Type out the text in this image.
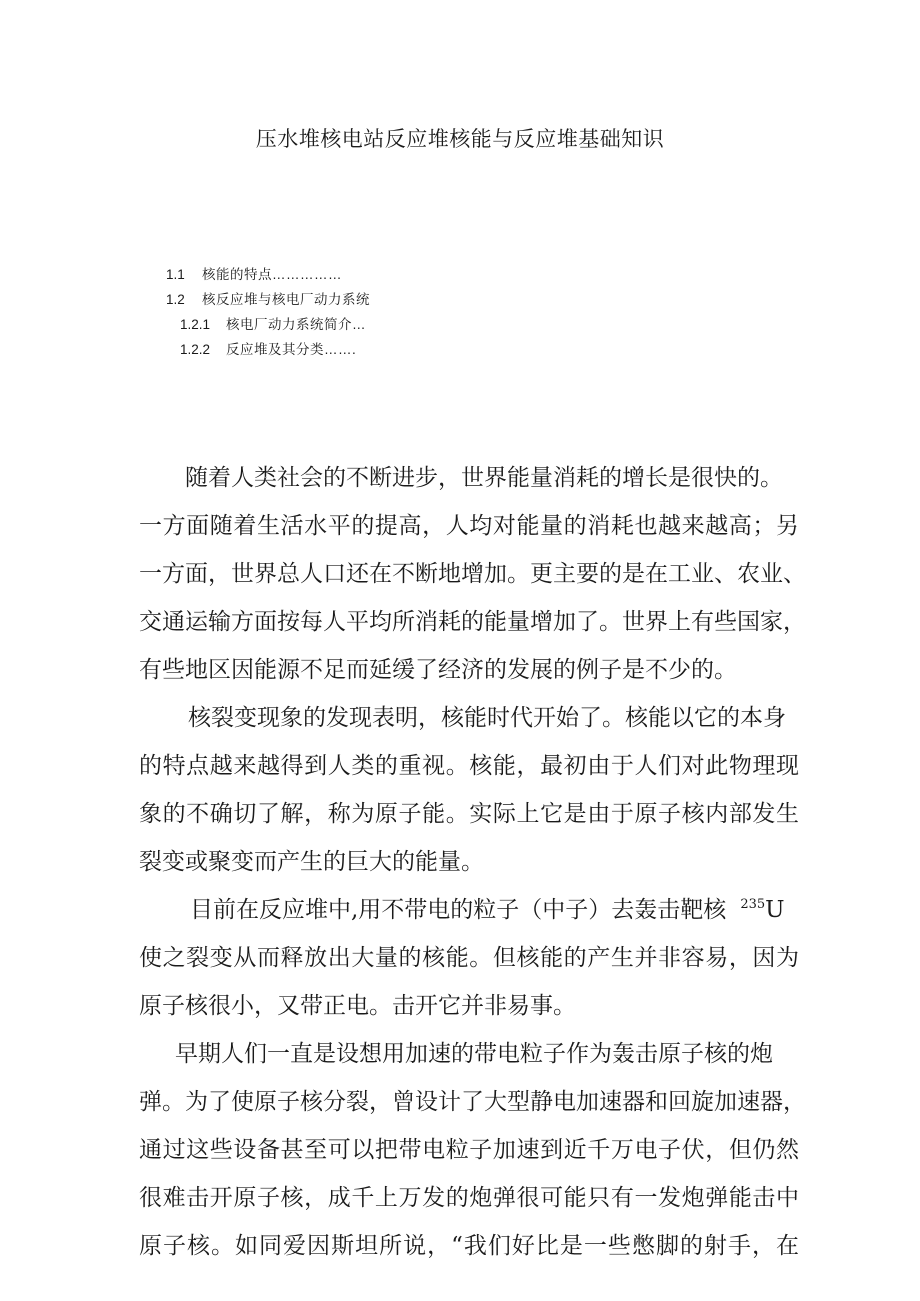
压水堆核电站反应堆核能与反应堆基础知识
1.1 核能的特点……………
1.2 核反应堆与核电厂动力系统
1.2.1 核电厂动力系统简介…
1.2.2 反应堆及其分类…….
随着人类社会的不断进步，世界能量消耗的增长是很快的。
一方面随着生活水平的提高，人均对能量的消耗也越来越高；另
一方面，世界总人口还在不断地增加。更主要的是在工业、农业、
交通运输方面按每人平均所消耗的能量增加了。世界上有些国家，
有些地区因能源不足而延缓了经济的发展的例子是不少的。
核裂变现象的发现表明，核能时代开始了。核能以它的本身
的特点越来越得到人类的重视。核能，最初由于人们对此物理现
象的不确切了解，称为原子能。实际上它是由于原子核内部发生
裂变或聚变而产生的巨大的能量。
目前在反应堆中,用不带电的粒子（中子）去轰击靶核 $^{235}$U
使之裂变从而释放出大量的核能。但核能的产生并非容易，因为
原子核很小，又带正电。击开它并非易事。
早期人们一直是设想用加速的带电粒子作为轰击原子核的炮
弹。为了使原子核分裂，曾设计了大型静电加速器和回旋加速器，
通过这些设备甚至可以把带电粒子加速到近千万电子伏，但仍然
很难击开原子核，成千上万发的炮弹很可能只有一发炮弹能击中
原子核。如同爱因斯坦所说，“我们好比是一些憋脚的射手，在
